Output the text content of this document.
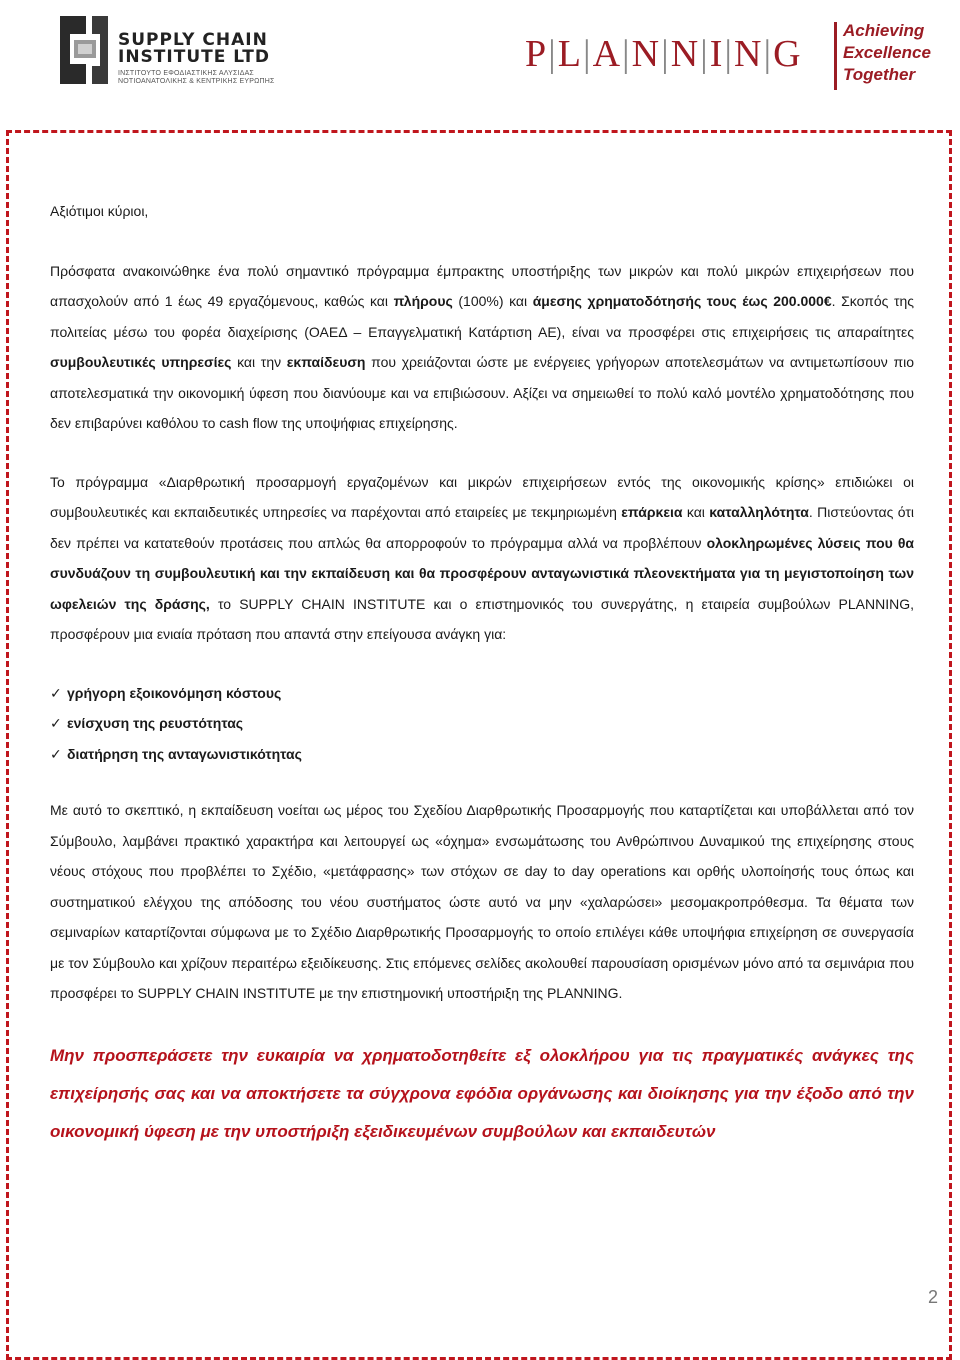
SUPPLY CHAIN
INSTITUTE LTD
ΙΝΣΤΙΤΟΥΤΟ ΕΦΟΔΙΑΣΤΙΚΗΣ ΑΛΥΣΙΔΑΣ
ΝΟΤΙΟΑΝΑΤΟΛΙΚΗΣ & ΚΕΝΤΡΙΚΗΣ ΕΥΡΩΠΗΣ
P|L|A|N|N|I|N|G
Achieving
Excellence
Together

Αξιότιμοι κύριοι,

Πρόσφατα ανακοινώθηκε ένα πολύ σημαντικό πρόγραμμα έμπρακτης υποστήριξης των μικρών και πολύ μικρών επιχειρήσεων που απασχολούν από 1 έως 49 εργαζόμενους, καθώς και πλήρους (100%) και άμεσης χρηματοδότησής τους έως 200.000€. Σκοπός της πολιτείας μέσω του φορέα διαχείρισης (ΟΑΕΔ – Επαγγελματική Κατάρτιση ΑΕ), είναι να προσφέρει στις επιχειρήσεις τις απαραίτητες συμβουλευτικές υπηρεσίες και την εκπαίδευση που χρειάζονται ώστε με ενέργειες γρήγορων αποτελεσμάτων να αντιμετωπίσουν πιο αποτελεσματικά την οικονομική ύφεση που διανύουμε και να επιβιώσουν. Αξίζει να σημειωθεί το πολύ καλό μοντέλο χρηματοδότησης που δεν επιβαρύνει καθόλου το cash flow της υποψήφιας επιχείρησης.

Το πρόγραμμα «Διαρθρωτική προσαρμογή εργαζομένων και μικρών επιχειρήσεων εντός της οικονομικής κρίσης» επιδιώκει οι συμβουλευτικές και εκπαιδευτικές υπηρεσίες να παρέχονται από εταιρείες με τεκμηριωμένη επάρκεια και καταλληλότητα. Πιστεύοντας ότι δεν πρέπει να κατατεθούν προτάσεις που απλώς θα απορροφούν το πρόγραμμα αλλά να προβλέπουν ολοκληρωμένες λύσεις που θα συνδυάζουν τη συμβουλευτική και την εκπαίδευση και θα προσφέρουν ανταγωνιστικά πλεονεκτήματα για τη μεγιστοποίηση των ωφελειών της δράσης, το SUPPLY CHAIN INSTITUTE και ο επιστημονικός του συνεργάτης, η εταιρεία συμβούλων PLANNING, προσφέρουν μια ενιαία πρόταση που απαντά στην επείγουσα ανάγκη για:

✓ γρήγορη εξοικονόμηση κόστους
✓ ενίσχυση της ρευστότητας
✓ διατήρηση της ανταγωνιστικότητας

Με αυτό το σκεπτικό, η εκπαίδευση νοείται ως μέρος του Σχεδίου Διαρθρωτικής Προσαρμογής που καταρτίζεται και υποβάλλεται από τον Σύμβουλο, λαμβάνει πρακτικό χαρακτήρα και λειτουργεί ως «όχημα» ενσωμάτωσης του Ανθρώπινου Δυναμικού της επιχείρησης στους νέους στόχους που προβλέπει το Σχέδιο, «μετάφρασης» των στόχων σε day to day operations και ορθής υλοποίησής τους όπως και συστηματικού ελέγχου της απόδοσης του νέου συστήματος ώστε αυτό να μην «χαλαρώσει» μεσομακροπρόθεσμα. Τα θέματα των σεμιναρίων καταρτίζονται σύμφωνα με το Σχέδιο Διαρθρωτικής Προσαρμογής το οποίο επιλέγει κάθε υποψήφια επιχείρηση σε συνεργασία με τον Σύμβουλο και χρίζουν περαιτέρω εξειδίκευσης. Στις επόμενες σελίδες ακολουθεί παρουσίαση ορισμένων μόνο από τα σεμινάρια που προσφέρει το SUPPLY CHAIN INSTITUTE με την επιστημονική υποστήριξη της PLANNING.

Μην προσπεράσετε την ευκαιρία να χρηματοδοτηθείτε εξ ολοκλήρου για τις πραγματικές ανάγκες της επιχείρησής σας και να αποκτήσετε τα σύγχρονα εφόδια οργάνωσης και διοίκησης για την έξοδο από την οικονομική ύφεση με την υποστήριξη εξειδικευμένων συμβούλων και εκπαιδευτών

2
